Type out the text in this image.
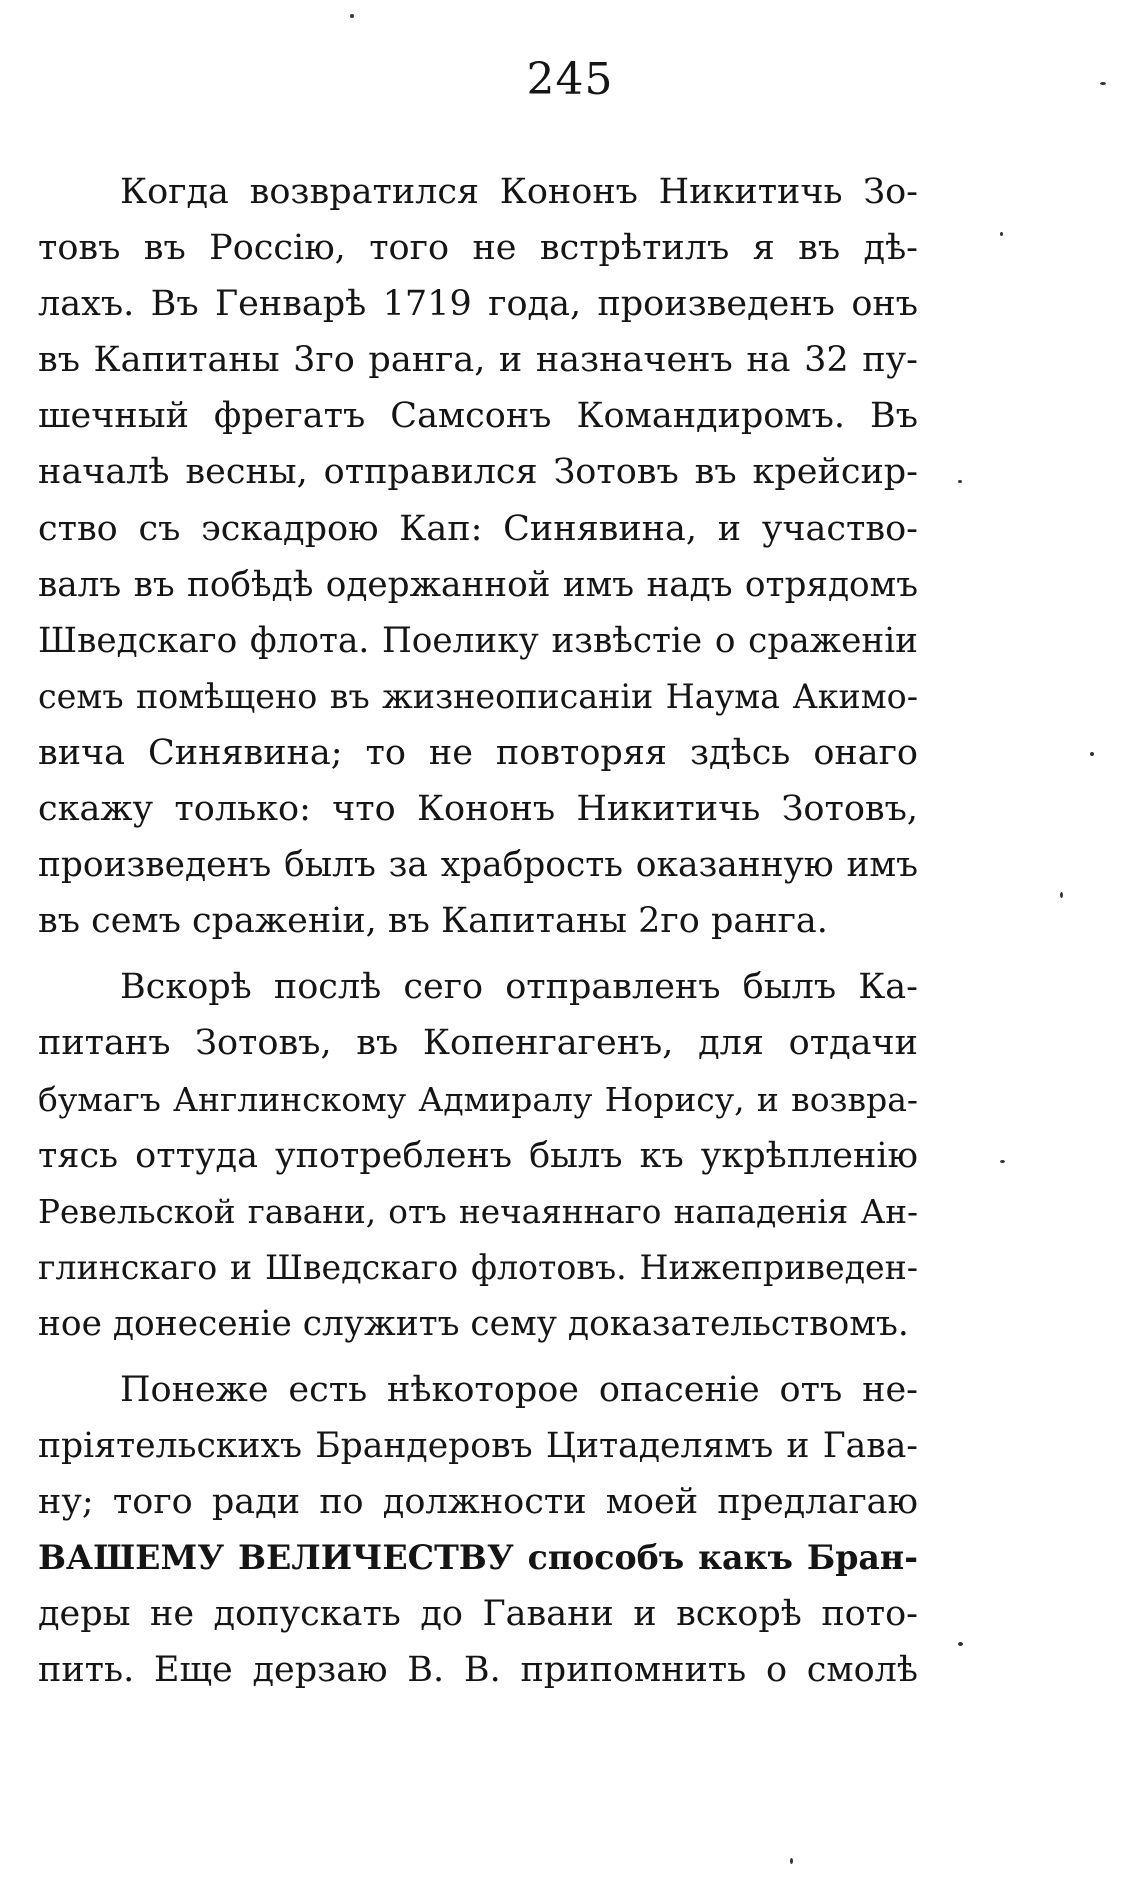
245
Когда возвратился Кононъ Никитичь Зо-
товъ въ Россію, того не встрѣтилъ я въ дѣ-
лахъ. Въ Генварѣ 1719 года, произведенъ онъ
въ Капитаны 3го ранга, и назначенъ на 32 пу-
шечный фрегатъ Самсонъ Командиромъ. Въ
началѣ весны, отправился Зотовъ въ крейсир-
ство съ эскадрою Кап: Синявина, и участво-
валъ въ побѣдѣ одержанной имъ надъ отрядомъ
Шведскаго флота. Поелику извѣстіе о сраженіи
семъ помѣщено въ жизнеописаніи Наума Акимо-
вича Синявина; то не повторяя здѣсь онаго
скажу только: что Кононъ Никитичь Зотовъ,
произведенъ былъ за храбрость оказанную имъ
въ семъ сраженіи, въ Капитаны 2го ранга.
Вскорѣ послѣ сего отправленъ былъ Ка-
питанъ Зотовъ, въ Копенгагенъ, для отдачи
бумагъ Англинскому Адмиралу Норису, и возвра-
тясь оттуда употребленъ былъ къ укрѣпленію
Ревельской гавани, отъ нечаяннаго нападенія Ан-
глинскаго и Шведскаго флотовъ. Нижеприведен-
ное донесеніе служитъ сему доказательствомъ.
Понеже есть нѣкоторое опасеніе отъ не-
пріятельскихъ Брандеровъ Цитаделямъ и Гава-
ну; того ради по должности моей предлагаю
ВАШЕМУ ВЕЛИЧЕСТВУ способъ какъ Бран-
деры не допускать до Гавани и вскорѣ пото-
пить. Еще дерзаю В. В. припомнить о смолѣ
